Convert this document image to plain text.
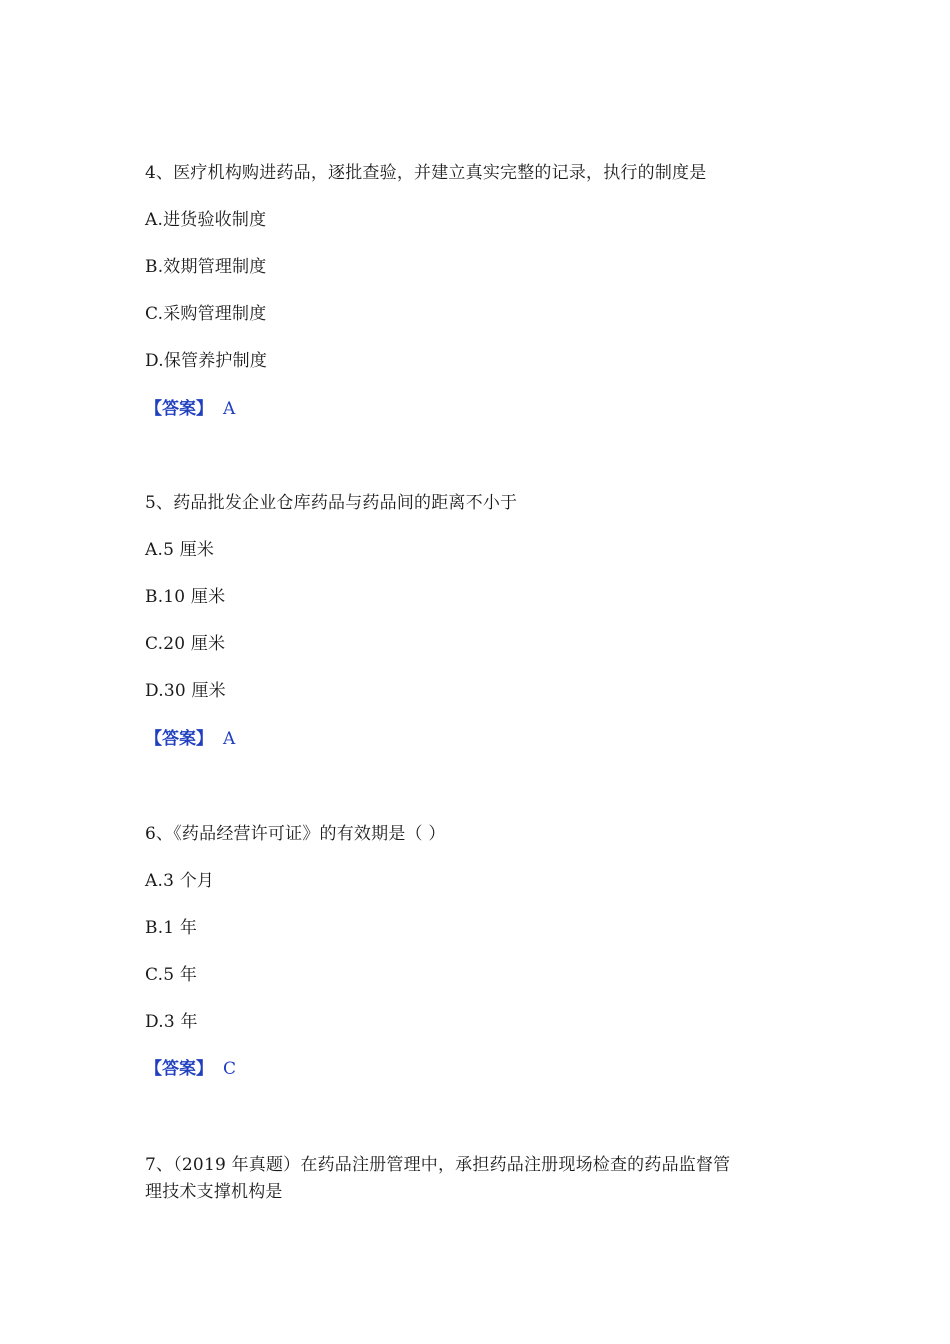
4、医疗机构购进药品，逐批查验，并建立真实完整的记录，执行的制度是
A.进货验收制度
B.效期管理制度
C.采购管理制度
D.保管养护制度
【答案】 A
5、药品批发企业仓库药品与药品间的距离不小于
A.5 厘米
B.10 厘米
C.20 厘米
D.30 厘米
【答案】 A
6、《药品经营许可证》的有效期是（ ）
A.3 个月
B.1 年
C.5 年
D.3 年
【答案】 C
7、（2019 年真题）在药品注册管理中，承担药品注册现场检查的药品监督管
理技术支撑机构是
